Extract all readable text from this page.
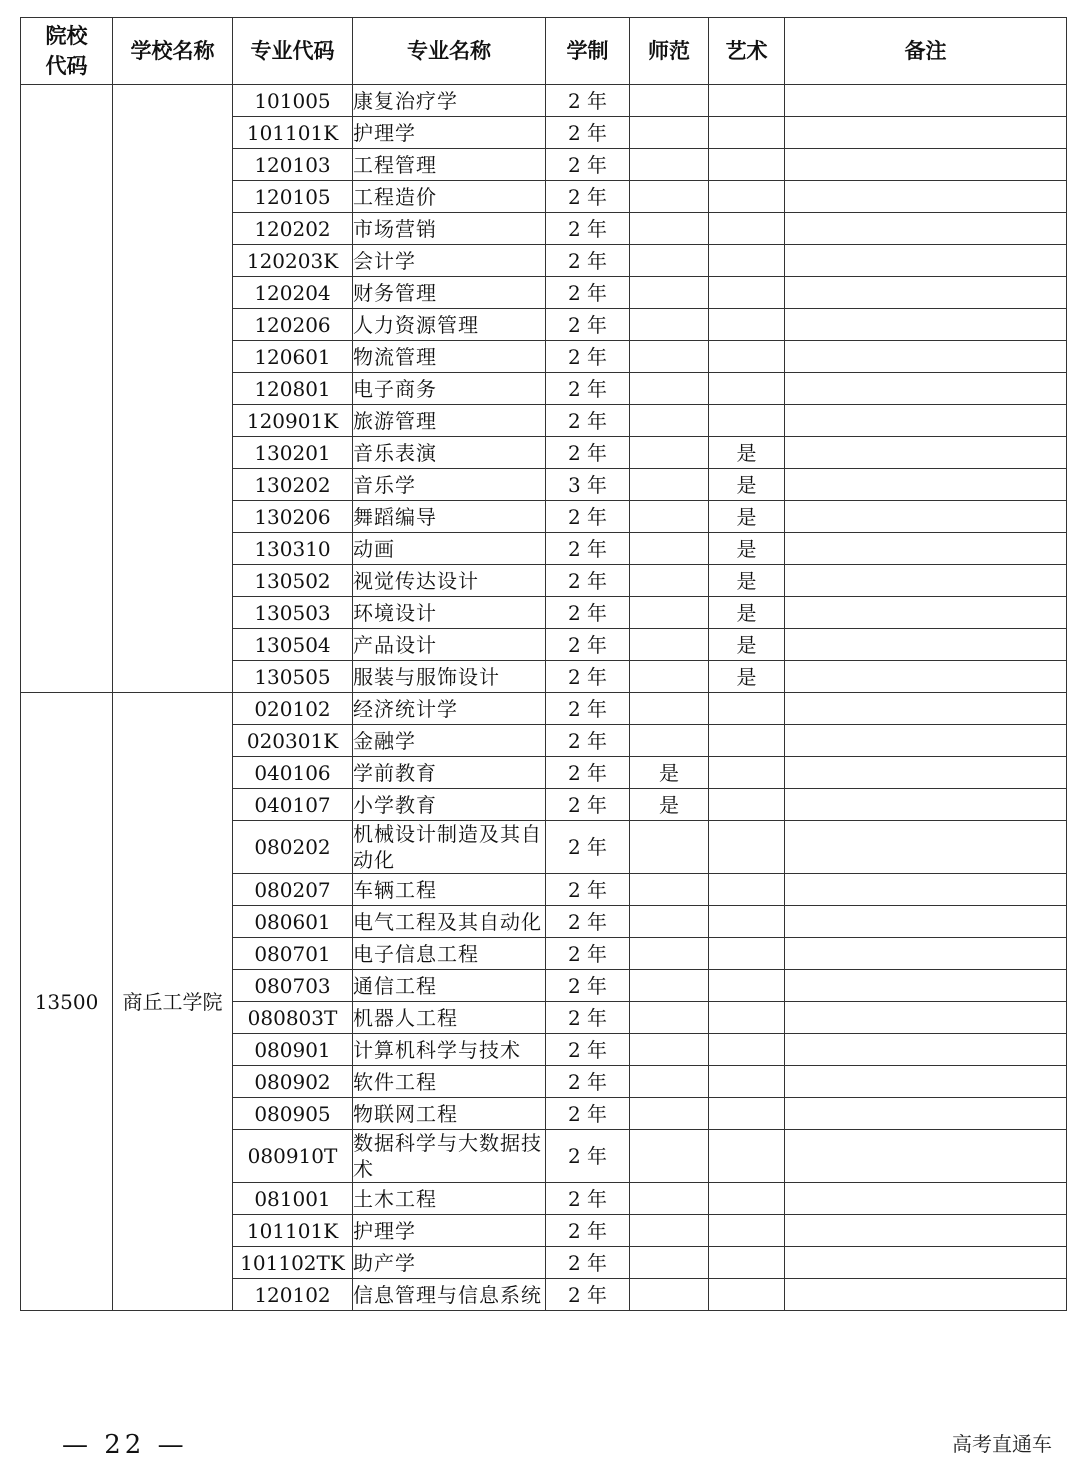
院校代码	学校名称	专业代码	专业名称	学制	师范	艺术	备注
		101005	康复治疗学	2 年			
		101101K	护理学	2 年			
		120103	工程管理	2 年			
		120105	工程造价	2 年			
		120202	市场营销	2 年			
		120203K	会计学	2 年			
		120204	财务管理	2 年			
		120206	人力资源管理	2 年			
		120601	物流管理	2 年			
		120801	电子商务	2 年			
		120901K	旅游管理	2 年			
		130201	音乐表演	2 年		是	
		130202	音乐学	3 年		是	
		130206	舞蹈编导	2 年		是	
		130310	动画	2 年		是	
		130502	视觉传达设计	2 年		是	
		130503	环境设计	2 年		是	
		130504	产品设计	2 年		是	
		130505	服装与服饰设计	2 年		是	
13500	商丘工学院	020102	经济统计学	2 年			
		020301K	金融学	2 年			
		040106	学前教育	2 年	是		
		040107	小学教育	2 年	是		
		080202	机械设计制造及其自动化	2 年			
		080207	车辆工程	2 年			
		080601	电气工程及其自动化	2 年			
		080701	电子信息工程	2 年			
		080703	通信工程	2 年			
		080803T	机器人工程	2 年			
		080901	计算机科学与技术	2 年			
		080902	软件工程	2 年			
		080905	物联网工程	2 年			
		080910T	数据科学与大数据技术	2 年			
		081001	土木工程	2 年			
		101101K	护理学	2 年			
		101102TK	助产学	2 年			
		120102	信息管理与信息系统	2 年			
— 22 —	高考直通车
